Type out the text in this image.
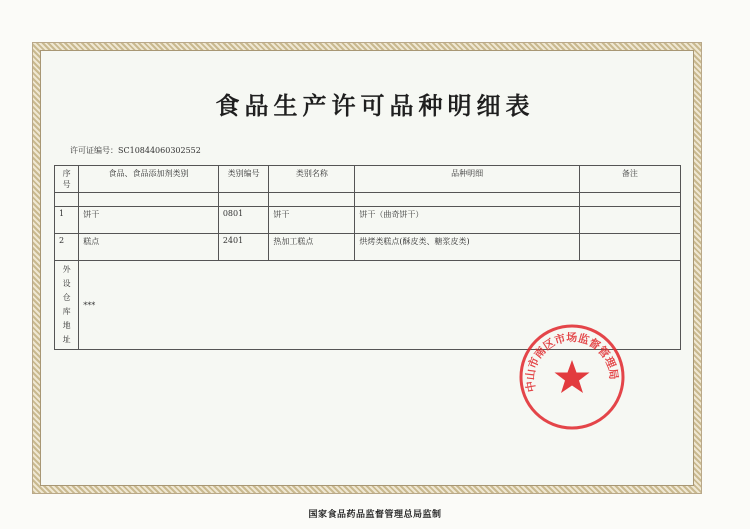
食品生产许可品种明细表
许可证编号：SC10844060302552
序号	食品、食品添加剂类别	类别编号	类别名称	品种明细	备注

1	饼干	0801	饼干	饼干（曲奇饼干）	
2	糕点	2401	热加工糕点	烘烤类糕点(酥皮类、糖浆皮类)	
外设
仓库
地址	***				
中山市南区市场监督管理局
国家食品药品监督管理总局监制
